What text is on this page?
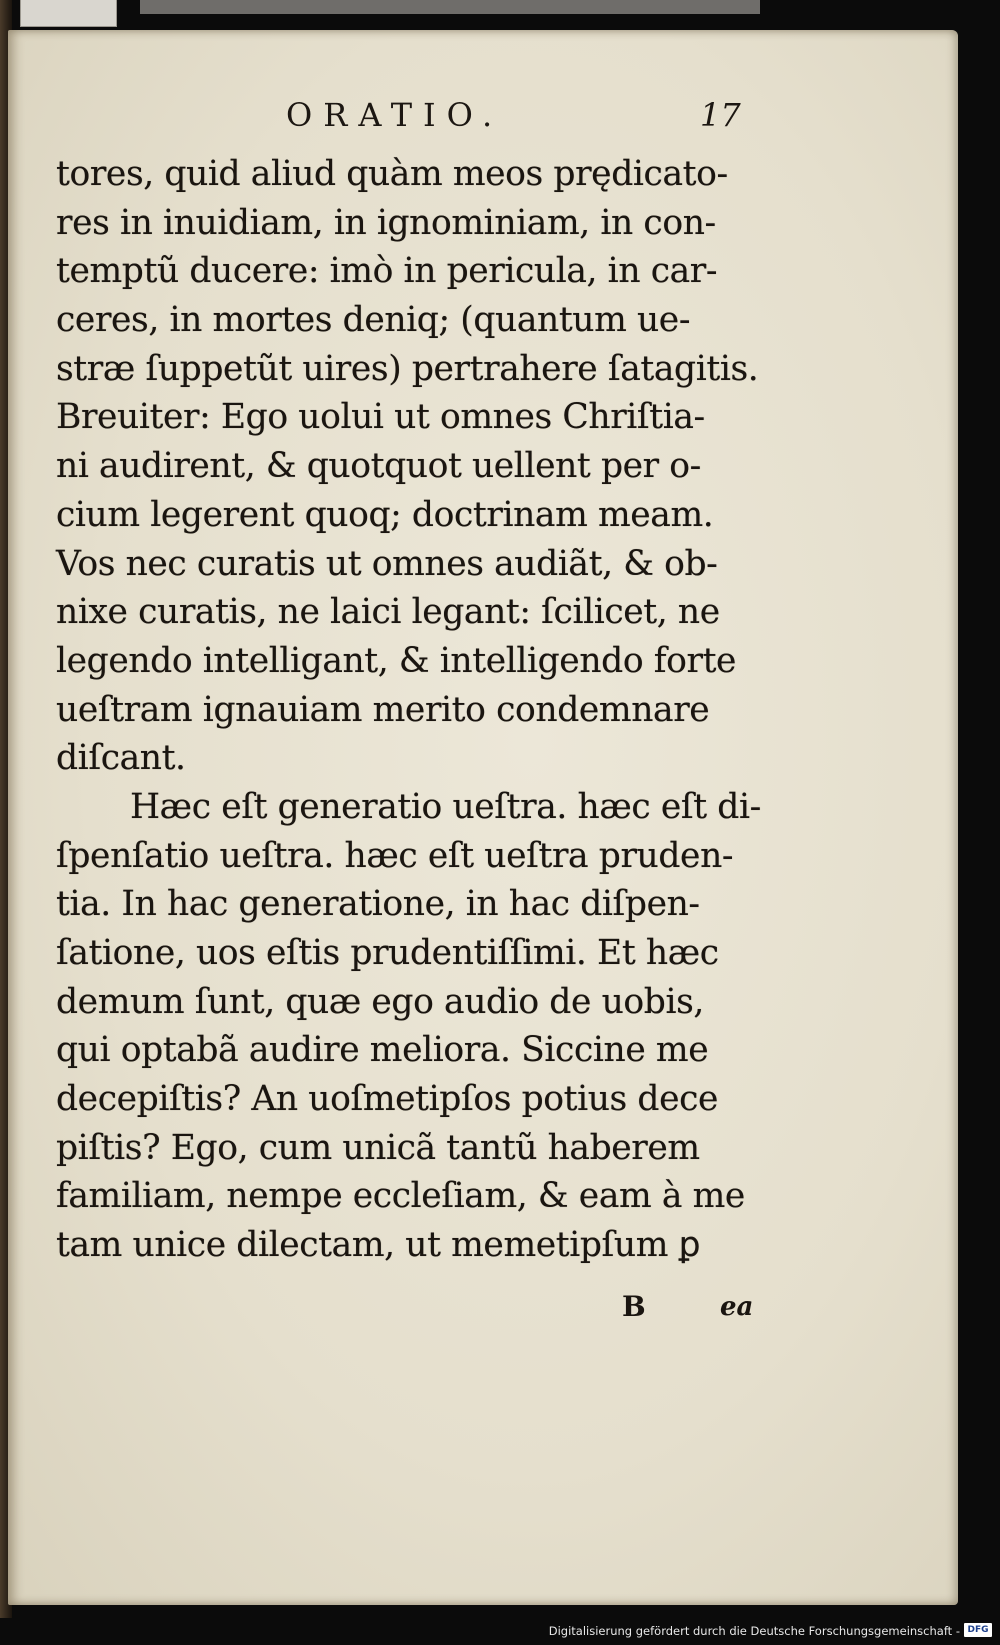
ORATIO.	17
tores, quid aliud quàm meos prędicato-
res in inuidiam, in ignominiam, in con-
temptũ ducere: imò in pericula, in car-
ceres, in mortes deniq; (quantum ue-
stræ ſuppetũt uires) pertrahere ſatagitis.
Breuiter: Ego uolui ut omnes Chriſtia-
ni audirent, & quotquot uellent per o-
cium legerent quoq; doctrinam meam.
Vos nec curatis ut omnes audiãt, & ob-
nixe curatis, ne laici legant: ſcilicet, ne
legendo intelligant, & intelligendo forte
ueſtram ignauiam merito condemnare
diſcant.
Hæc eſt generatio ueſtra. hæc eſt di-
ſpenſatio ueſtra. hæc eſt ueſtra pruden-
tia. In hac generatione, in hac diſpen-
ſatione, uos eſtis prudentiſſimi. Et hæc
demum ſunt, quæ ego audio de uobis,
qui optabã audire meliora. Siccine me
decepiſtis? An uoſmetipſos potius dece
piſtis? Ego, cum unicã tantũ haberem
familiam, nempe eccleſiam, & eam à me
tam unice dilectam, ut memetipſum ꝑ
B	ea
Digitalisierung gefördert durch die Deutsche Forschungsgemeinschaft - DFG
